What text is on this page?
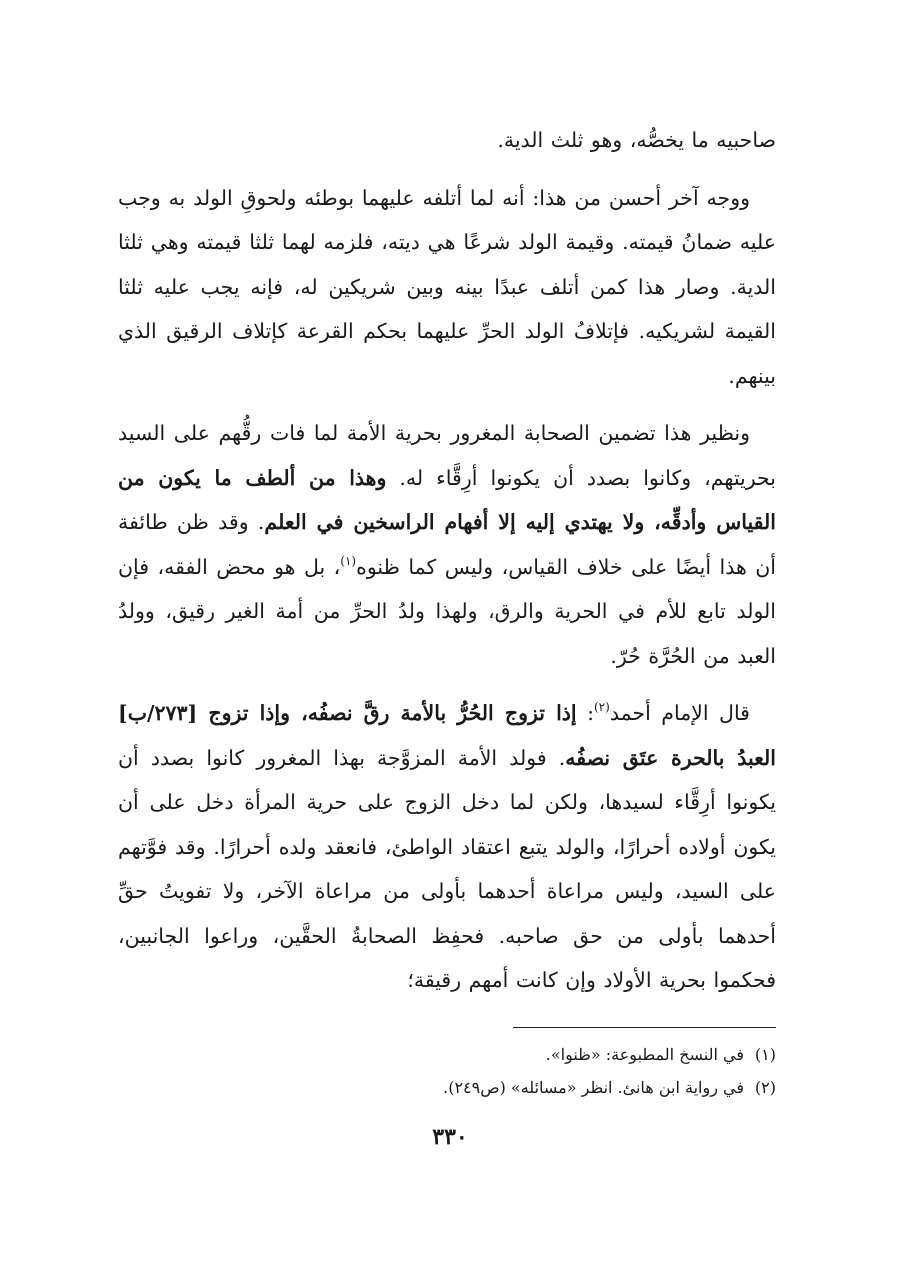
صاحبيه ما يخصُّه، وهو ثلث الدية.

ووجه آخر أحسن من هذا: أنه لما أتلفه عليهما بوطئه ولحوقِ الولد به وجب عليه ضمانُ قيمته. وقيمة الولد شرعًا هي ديته، فلزمه لهما ثلثا قيمته وهي ثلثا الدية. وصار هذا كمن أتلف عبدًا بينه وبين شريكين له، فإنه يجب عليه ثلثا القيمة لشريكيه. فإتلافُ الولد الحرِّ عليهما بحكم القرعة كإتلاف الرقيق الذي بينهم.

ونظير هذا تضمين الصحابة المغرور بحرية الأمة لما فات رقُّهم على السيد بحريتهم، وكانوا بصدد أن يكونوا أرِقَّاء له. وهذا من ألطف ما يكون من القياس وأدقِّه، ولا يهتدي إليه إلا أفهام الراسخين في العلم. وقد ظن طائفة أن هذا أيضًا على خلاف القياس، وليس كما ظنوه$^{(١)}$، بل هو محض الفقه، فإن الولد تابع للأم في الحرية والرق، ولهذا ولدُ الحرِّ من أمة الغير رقيق، وولدُ العبد من الحُرَّة حُرّ.

قال الإمام أحمد$^{(٢)}$: إذا تزوج الحُرُّ بالأمة رقَّ نصفُه، وإذا تزوج [٢٧٣/ب] العبدُ بالحرة عتَق نصفُه. فولد الأمة المزوَّجة بهذا المغرور كانوا بصدد أن يكونوا أرِقَّاء لسيدها، ولكن لما دخل الزوج على حرية المرأة دخل على أن يكون أولاده أحرارًا، والولد يتبع اعتقاد الواطئ، فانعقد ولده أحرارًا. وقد فوَّتهم على السيد، وليس مراعاة أحدهما بأولى من مراعاة الآخر، ولا تفويتُ حقِّ أحدهما بأولى من حق صاحبه. فحفِظ الصحابةُ الحقَّين، وراعوا الجانبين، فحكموا بحرية الأولاد وإن كانت أمهم رقيقة؛

(١)
في النسخ المطبوعة: «ظنوا».
(٢)
في رواية ابن هانئ. انظر «مسائله» (ص٢٤٩).
٣٣٠
